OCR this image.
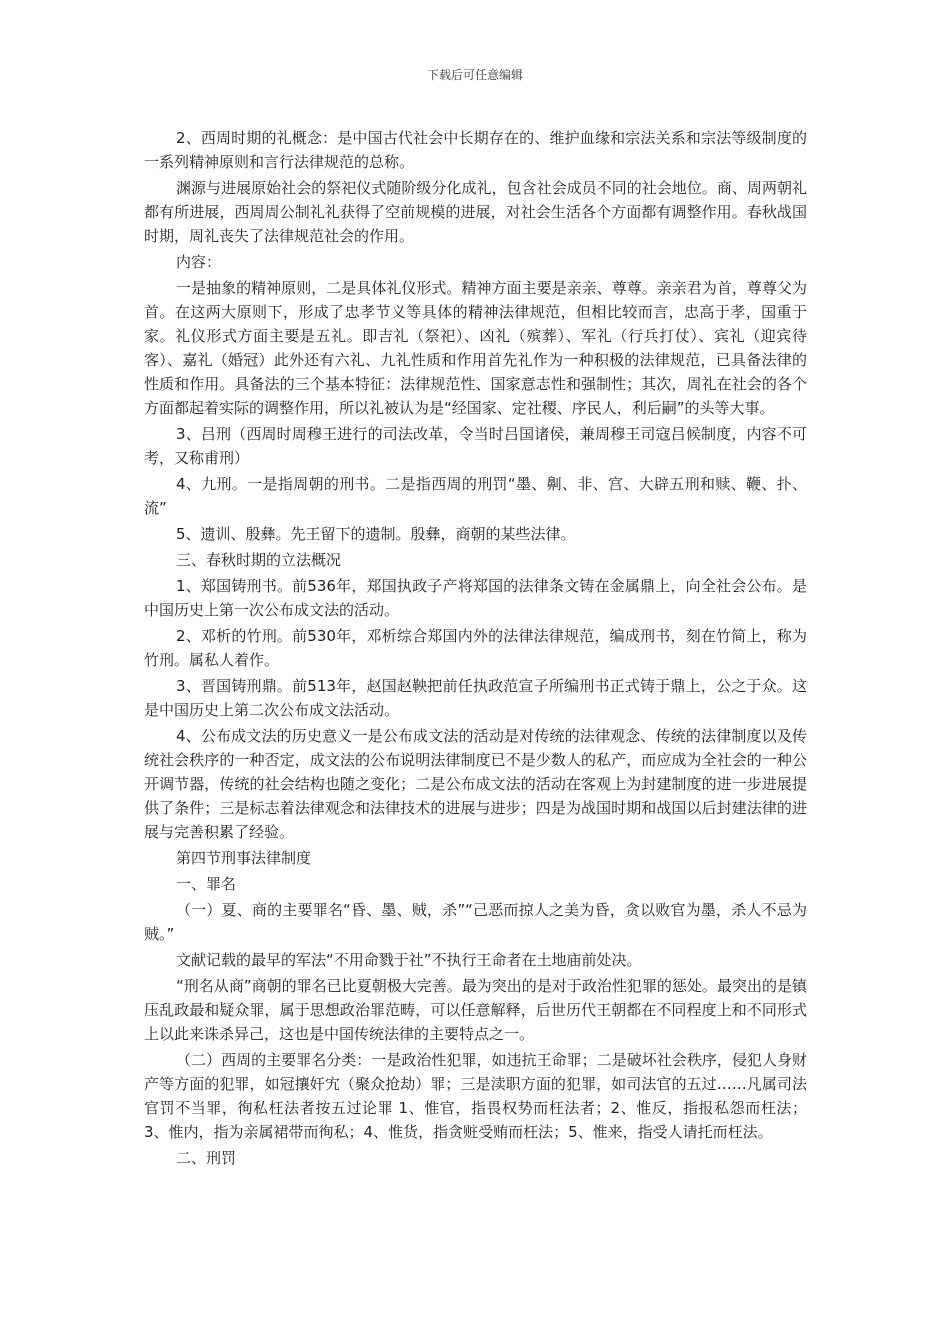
下载后可任意编辑

2、西周时期的礼概念：是中国古代社会中长期存在的、维护血缘和宗法关系和宗法等级制度的一系列精神原则和言行法律规范的总称。

渊源与进展原始社会的祭祀仪式随阶级分化成礼，包含社会成员不同的社会地位。商、周两朝礼都有所进展，西周周公制礼礼获得了空前规模的进展，对社会生活各个方面都有调整作用。春秋战国时期，周礼丧失了法律规范社会的作用。

内容：

一是抽象的精神原则，二是具体礼仪形式。精神方面主要是亲亲、尊尊。亲亲君为首，尊尊父为首。在这两大原则下，形成了忠孝节义等具体的精神法律规范，但相比较而言，忠高于孝，国重于家。礼仪形式方面主要是五礼。即吉礼（祭祀）、凶礼（殡葬）、军礼（行兵打仗）、宾礼（迎宾待客）、嘉礼（婚冠）此外还有六礼、九礼性质和作用首先礼作为一种积极的法律规范，已具备法律的性质和作用。具备法的三个基本特征：法律规范性、国家意志性和强制性；其次，周礼在社会的各个方面都起着实际的调整作用，所以礼被认为是“经国家、定社稷、序民人，利后嗣”的头等大事。

3、吕刑（西周时周穆王进行的司法改革，令当时吕国诸侯，兼周穆王司寇吕候制度，内容不可考，又称甫刑）

4、九刑。一是指周朝的刑书。二是指西周的刑罚“墨、劓、非、宫、大辟五刑和赎、鞭、扑、流”

5、遗训、殷彝。先王留下的遗制。殷彝，商朝的某些法律。

三、春秋时期的立法概况

1、郑国铸刑书。前536年，郑国执政子产将郑国的法律条文铸在金属鼎上，向全社会公布。是中国历史上第一次公布成文法的活动。

2、邓析的竹刑。前530年，邓析综合郑国内外的法律法律规范，编成刑书，刻在竹简上，称为竹刑。属私人着作。

3、晋国铸刑鼎。前513年，赵国赵鞅把前任执政范宣子所编刑书正式铸于鼎上，公之于众。这是中国历史上第二次公布成文法活动。

4、公布成文法的历史意义一是公布成文法的活动是对传统的法律观念、传统的法律制度以及传统社会秩序的一种否定，成文法的公布说明法律制度已不是少数人的私产，而应成为全社会的一种公开调节器，传统的社会结构也随之变化；二是公布成文法的活动在客观上为封建制度的进一步进展提供了条件；三是标志着法律观念和法律技术的进展与进步；四是为战国时期和战国以后封建法律的进展与完善积累了经验。

第四节刑事法律制度

一、罪名

（一）夏、商的主要罪名“昏、墨、贼，杀”“己恶而掠人之美为昏，贪以败官为墨，杀人不忌为贼。”

文献记载的最早的军法“不用命戮于社”不执行王命者在土地庙前处决。

“刑名从商”商朝的罪名已比夏朝极大完善。最为突出的是对于政治性犯罪的惩处。最突出的是镇压乱政最和疑众罪，属于思想政治罪范畴，可以任意解释，后世历代王朝都在不同程度上和不同形式上以此来诛杀异己，这也是中国传统法律的主要特点之一。

（二）西周的主要罪名分类：一是政治性犯罪，如违抗王命罪；二是破坏社会秩序，侵犯人身财产等方面的犯罪，如冠攘奸宄（聚众抢劫）罪；三是渎职方面的犯罪，如司法官的五过……凡属司法官罚不当罪，徇私枉法者按五过论罪 1、惟官，指畏权势而枉法者；2、惟反，指报私怨而枉法；3、惟内，指为亲属裙带而徇私；4、惟货，指贪赃受贿而枉法；5、惟来，指受人请托而枉法。

二、刑罚
